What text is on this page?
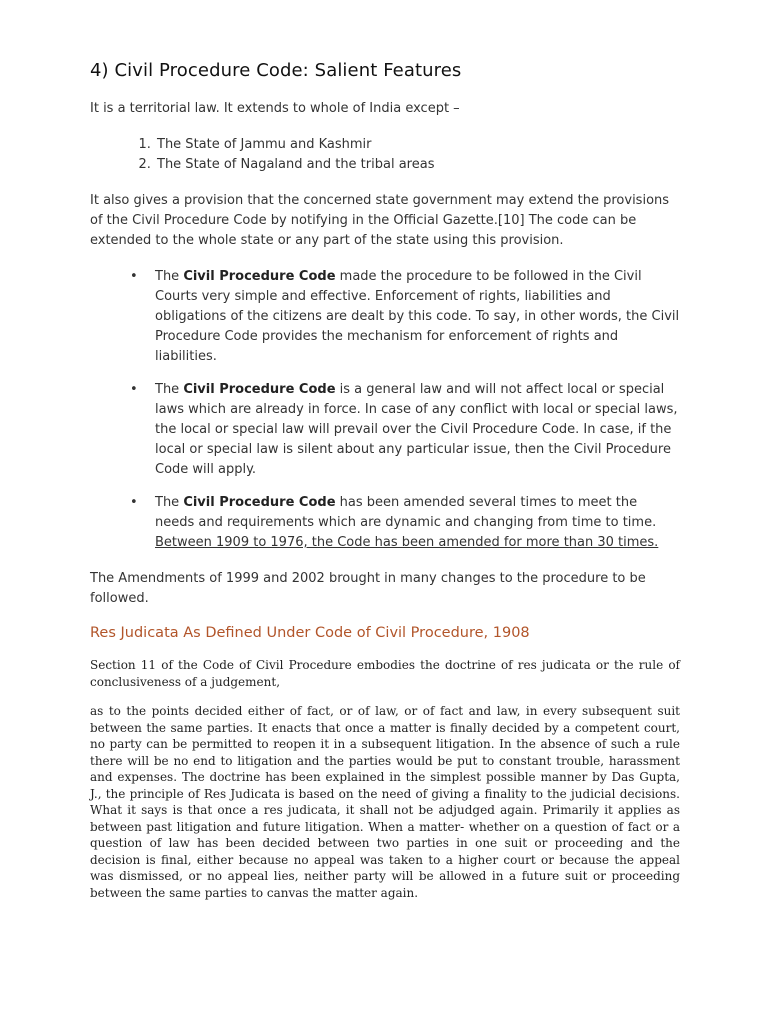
4) Civil Procedure Code: Salient Features

It is a territorial law. It extends to whole of India except –

1. The State of Jammu and Kashmir
2. The State of Nagaland and the tribal areas

It also gives a provision that the concerned state government may extend the provisions of the Civil Procedure Code by notifying in the Official Gazette.[10] The code can be extended to the whole state or any part of the state using this provision.

• The Civil Procedure Code made the procedure to be followed in the Civil Courts very simple and effective. Enforcement of rights, liabilities and obligations of the citizens are dealt by this code. To say, in other words, the Civil Procedure Code provides the mechanism for enforcement of rights and liabilities.
• The Civil Procedure Code is a general law and will not affect local or special laws which are already in force. In case of any conflict with local or special laws, the local or special law will prevail over the Civil Procedure Code. In case, if the local or special law is silent about any particular issue, then the Civil Procedure Code will apply.
• The Civil Procedure Code has been amended several times to meet the needs and requirements which are dynamic and changing from time to time. Between 1909 to 1976, the Code has been amended for more than 30 times.

The Amendments of 1999 and 2002 brought in many changes to the procedure to be followed.

Res Judicata As Defined Under Code of Civil Procedure, 1908

Section 11 of the Code of Civil Procedure embodies the doctrine of res judicata or the rule of conclusiveness of a judgement,

as to the points decided either of fact, or of law, or of fact and law, in every subsequent suit between the same parties. It enacts that once a matter is finally decided by a competent court, no party can be permitted to reopen it in a subsequent litigation. In the absence of such a rule there will be no end to litigation and the parties would be put to constant trouble, harassment and expenses. The doctrine has been explained in the simplest possible manner by Das Gupta, J., the principle of Res Judicata is based on the need of giving a finality to the judicial decisions. What it says is that once a res judicata, it shall not be adjudged again. Primarily it applies as between past litigation and future litigation. When a matter- whether on a question of fact or a question of law has been decided between two parties in one suit or proceeding and the decision is final, either because no appeal was taken to a higher court or because the appeal was dismissed, or no appeal lies, neither party will be allowed in a future suit or proceeding between the same parties to canvas the matter again.
